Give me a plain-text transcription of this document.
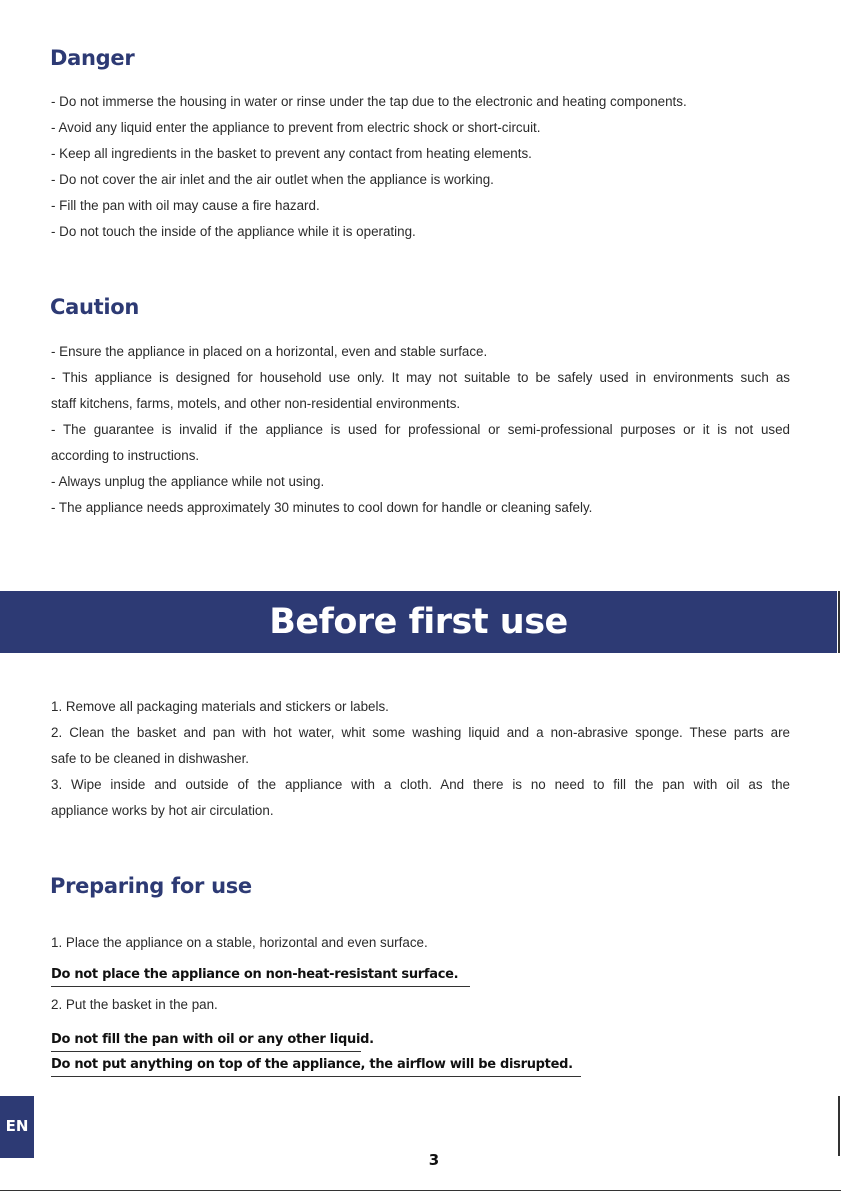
Danger
- Do not immerse the housing in water or rinse under the tap due to the electronic and heating components.
- Avoid any liquid enter the appliance to prevent from electric shock or short-circuit.
- Keep all ingredients in the basket to prevent any contact from heating elements.
- Do not cover the air inlet and the air outlet when the appliance is working.
- Fill the pan with oil may cause a fire hazard.
- Do not touch the inside of the appliance while it is operating.
Caution
- Ensure the appliance in placed on a horizontal, even and stable surface.
- This appliance is designed for household use only. It may not suitable to be safely used in environments such as
staff kitchens, farms, motels, and other non-residential environments.
- The guarantee is invalid if the appliance is used for professional or semi-professional purposes or it is not used
according to instructions.
- Always unplug the appliance while not using.
- The appliance needs approximately 30 minutes to cool down for handle or cleaning safely.
Before first use
1. Remove all packaging materials and stickers or labels.
2. Clean the basket and pan with hot water, whit some washing liquid and a non-abrasive sponge. These parts are
safe to be cleaned in dishwasher.
3. Wipe inside and outside of the appliance with a cloth. And there is no need to fill the pan with oil as the
appliance works by hot air circulation.
Preparing for use
1. Place the appliance on a stable, horizontal and even surface.
Do not place the appliance on non-heat-resistant surface.
2. Put the basket in the pan.
Do not fill the pan with oil or any other liquid.
Do not put anything on top of the appliance, the airflow will be disrupted.
EN
3
